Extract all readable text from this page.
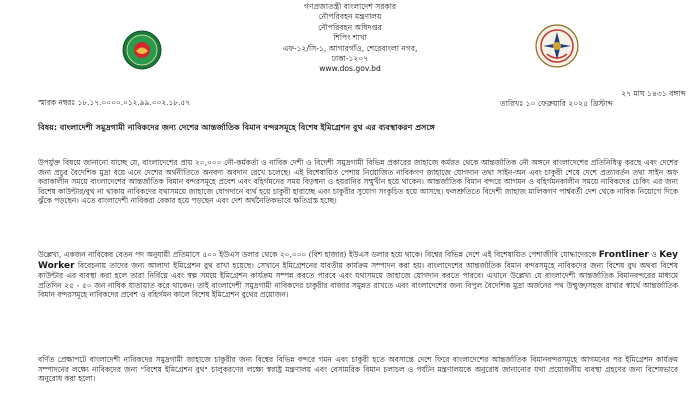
গণপ্রজাতন্ত্রী বাংলাদেশ সরকার
নৌপরিবহন মন্ত্রণালয়
নৌপরিবহন অধিদপ্তর
শিপিং শাখা
এফ-১২/সি-১, আগারগাঁও, শেরেবাংলা নগর,
ঢাকা-১২০৭
www.dos.gov.bd
২৭ মাঘ ১৪৩১ বঙ্গাব্দ
তারিখঃ ১০ ফেব্রুয়ারি ২০২৫ খ্রিস্টাব্দ
স্মারক নম্বরঃ ১৮.১৭.০০০০.০১২.৯৯.০০২.১৮.৫৭
বিষয়: বাংলাদেশী সমুদ্রগামী নাবিকদের জন্য দেশের আন্তর্জাতিক বিমান বন্দরসমূহে বিশেষ ইমিগ্রেশন বুথ এর ব্যবস্থাকরণ প্রসঙ্গে

উপর্যুক্ত বিষয়ে জানানো যাচ্ছে যে, বাংলাদেশের প্রায় ২০,০০০ নৌ-কর্মকর্তা ও নাবিক দেশী ও বিদেশী সমুদ্রগামী বিভিন্ন প্রকারের জাহাজে কর্মরত থেকে আন্তর্জাতিক নৌ অঙ্গনে বাংলাদেশের প্রতিনিধিত্ব করছে এবং দেশের জন্য প্রচুর বৈদেশিক মুদ্রা বয়ে এনে দেশের অর্থনীতিতে অনবদ্য অবদান রেখে চলেছে। এই বিশেষায়িত পেশায় নিয়োজিত নাবিকগণ জাহাজে যোগদান তথা সাইন-অন এবং চাকুরী শেষে দেশে প্রত্যাবর্তন তথা সাইন অফ করাকালীন সময়ে বাংলাদেশের আন্তর্জাতিক বিমান বন্দরসমূহে প্রবেশ এবং বহির্গমনের সময় বিড়ম্বনা ও হয়রানির সম্মুখীন হয়ে থাকেন। আন্তর্জাতিক বিমান বন্দরে আগমন ও বহির্গমনকালীন সময়ে নাবিকদের চেকিং এর জন্য বিশেষ কাউন্টার/বুথ না থাকায় নাবিকদের যথাসময়ে জাহাজে যোগদানে ব্যর্থ হয়ে চাকুরী হারাচ্ছে এবং চাকুরীর সুযোগ সংকুচিত হয়ে আসছে। ফলশ্রুতিতে বিদেশী জাহাজ মালিকগণ পার্শ্ববর্তী দেশ থেকে নাবিক নিয়োগে দিকে ঝুঁকে পড়ছেন। এতে বাংলাদেশী নাবিকরা বেকার হয়ে পড়ছেন এবং দেশ অর্থনৈতিকভাবে ক্ষতিগ্রস্ত হচ্ছে।

উল্লেখ্য, একজন নাবিকের বেতন পদ অনুযায়ী প্রতিমাসে ৫০০ ইউএস ডলার থেকে ২০,০০০ (বিশ হাজার) ইউএস ডলার হয়ে থাকে। বিশ্বের বিভিন্ন দেশে এই বিশেষায়িত পেশাজীবি যোদ্ধাদেরকে Frontliner ও Key Worker বিবেচনায় তাদের জন্য আলাদা ইমিগ্রেশন বুথ রাখা হয়েছে। সেখানে ইমিগ্রেশনের যাবতীয় কার্যক্রম সম্পাদন করা হয়। বাংলাদেশের আন্তর্জাতিক বিমান বন্দরসমূহে নাবিকদের জন্য বিশেষ বুথ অথবা বিশেষ কাউন্টার এর ব্যবস্থা করা হলে তারা নির্বিঘ্নে এবং স্বল্প সময়ে ইমিগ্রেশন কার্যক্রম সম্পন্ন করতে পারবে এবং যথাসময়ে জাহাজে যোগদান করতে পারবে। এখানে উল্লেখ্য যে বাংলাদেশী আন্তর্জাতিক বিমানবন্দরের মাধ্যমে প্রতিদিন ২৫ - ৫০ জন নাবিক যাতায়াত করে থাকেন। তাই বাংলাদেশী সমুদ্রগামী নাবিকদের চাকুরীর বাজার সমুন্নত রাখতে এবং বাংলাদেশের জন্য বিপুল বৈদেশিক মুদ্রা অর্জনের পথ উন্মুক্ত/সহজ রাখার স্বার্থে আন্তর্জাতিক বিমান বন্দরসমূহে নাবিকদের প্রবেশ ও বহির্গমন কালে বিশেষ ইমিগ্রেশন বুথের প্রয়োজন।

বর্ণিত প্রেক্ষাপটে বাংলাদেশী নাবিকদের সমুদ্রগামী জাহাজে চাকুরীর জন্য বিশ্বের বিভিন্ন বন্দরে গমন এবং চাকুরী হতে অবসান্তে দেশে ফিরে বাংলাদেশের আন্তর্জাতিক বিমানবন্দরসমূহে আগমনের পর ইমিগ্রেশন কার্যক্রম সম্পাদনের লক্ষ্যে নাবিকদের জন্য "বিশেষ ইমিগ্রেশন বুথ" চালুকরণের লক্ষ্যে স্বরাষ্ট্র মন্ত্রণালয় এবং বেসামরিক বিমান চলাচল ও পর্যটন মন্ত্রণালয়কে অনুরোধ জানানোর যথা প্রয়োজনীয় ব্যবস্থা গ্রহণের জন্য বিশেষভাবে অনুরোধ করা হলো।
